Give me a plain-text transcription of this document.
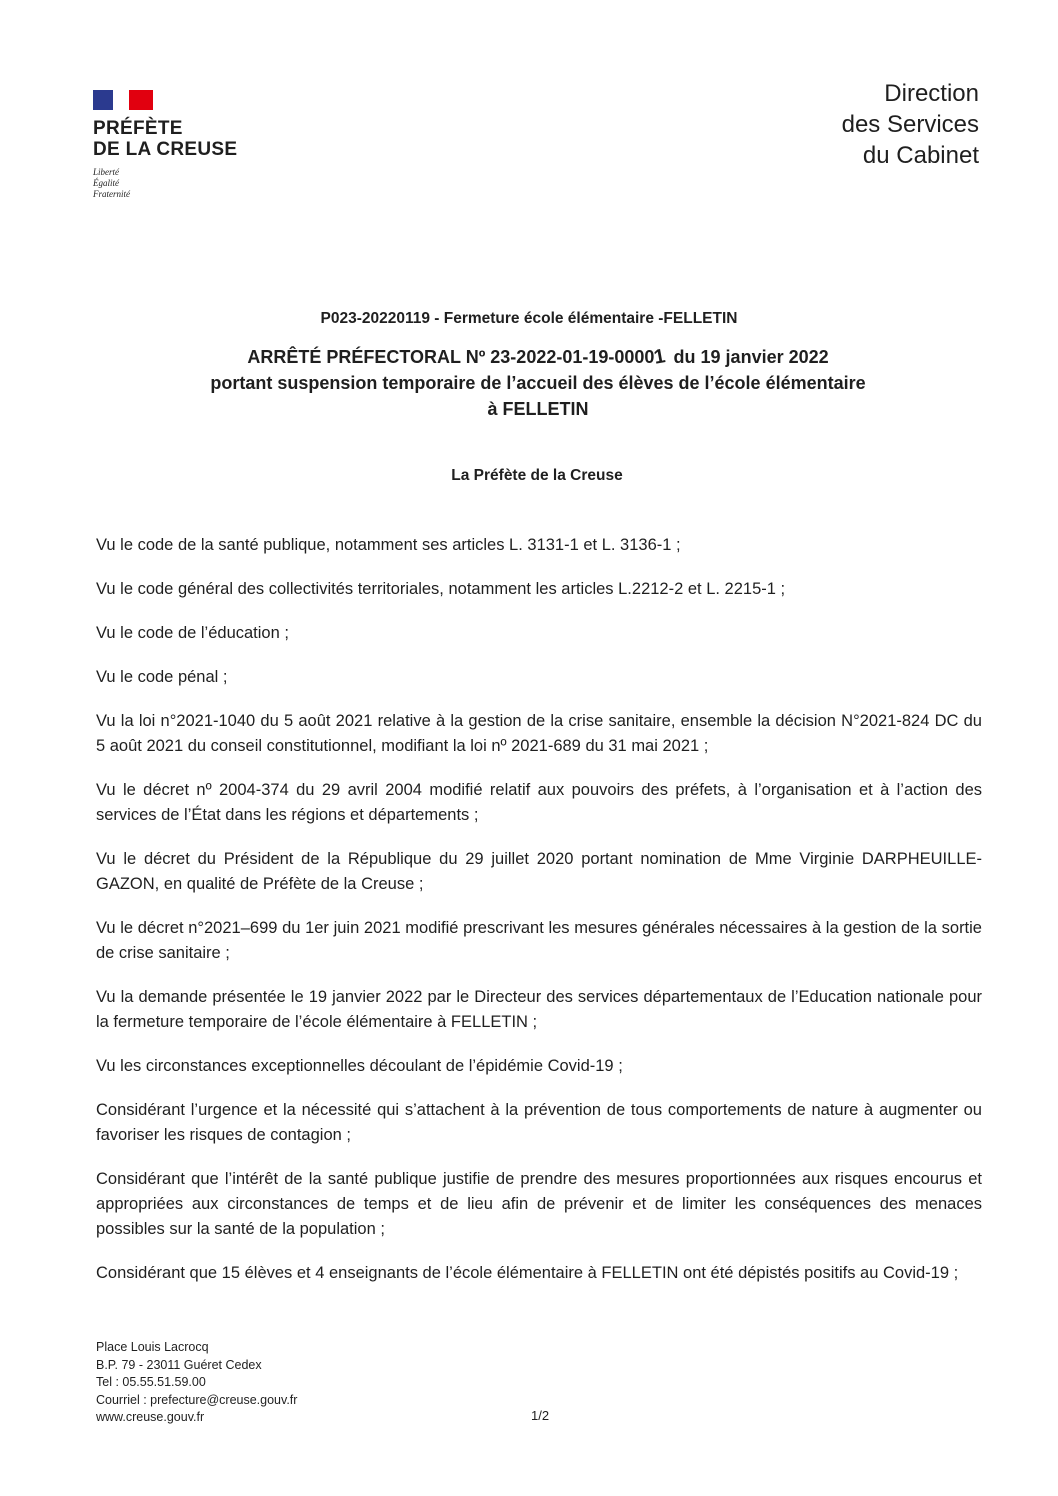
PRÉFÈTE
DE LA CREUSE
Liberté
Égalité
Fraternité
Direction
des Services
du Cabinet
P023-20220119 - Fermeture école élémentaire -FELLETIN
ARRÊTÉ PRÉFECTORAL Nº 23-2022-01-19-00001 du 19 janvier 2022
portant suspension temporaire de l’accueil des élèves de l’école élémentaire
à FELLETIN
La Préfète de la Creuse

Vu le code de la santé publique, notamment ses articles L. 3131-1 et L. 3136-1 ;

Vu le code général des collectivités territoriales, notamment les articles L.2212-2 et L. 2215-1 ;

Vu le code de l’éducation ;

Vu le code pénal ;

Vu la loi n°2021-1040 du 5 août 2021 relative à la gestion de la crise sanitaire, ensemble la décision N°2021-824 DC du 5 août 2021 du conseil constitutionnel, modifiant la loi nº 2021-689 du 31 mai 2021 ;

Vu le décret nº 2004-374 du 29 avril 2004 modifié relatif aux pouvoirs des préfets, à l’organisation et à l’action des services de l’État dans les régions et départements ;

Vu le décret du Président de la République du 29 juillet 2020 portant nomination de Mme Virginie DARPHEUILLE-GAZON, en qualité de Préfète de la Creuse ;

Vu le décret n°2021–699 du 1er juin 2021 modifié prescrivant les mesures générales nécessaires à la gestion de la sortie de crise sanitaire ;

Vu la demande présentée le 19 janvier 2022 par le Directeur des services départementaux de l’Education nationale pour la fermeture temporaire de l’école élémentaire à FELLETIN ;

Vu les circonstances exceptionnelles découlant de l’épidémie Covid-19 ;

Considérant l’urgence et la nécessité qui s’attachent à la prévention de tous comportements de nature à augmenter ou favoriser les risques de contagion ;

Considérant que l’intérêt de la santé publique justifie de prendre des mesures proportionnées aux risques encourus et appropriées aux circonstances de temps et de lieu afin de prévenir et de limiter les conséquences des menaces possibles sur la santé de la population ;

Considérant que 15 élèves et 4 enseignants de l’école élémentaire à FELLETIN ont été dépistés positifs au Covid-19 ;

Place Louis Lacrocq
B.P. 79 - 23011 Guéret Cedex
Tel : 05.55.51.59.00
Courriel : prefecture@creuse.gouv.fr
www.creuse.gouv.fr	1/2
